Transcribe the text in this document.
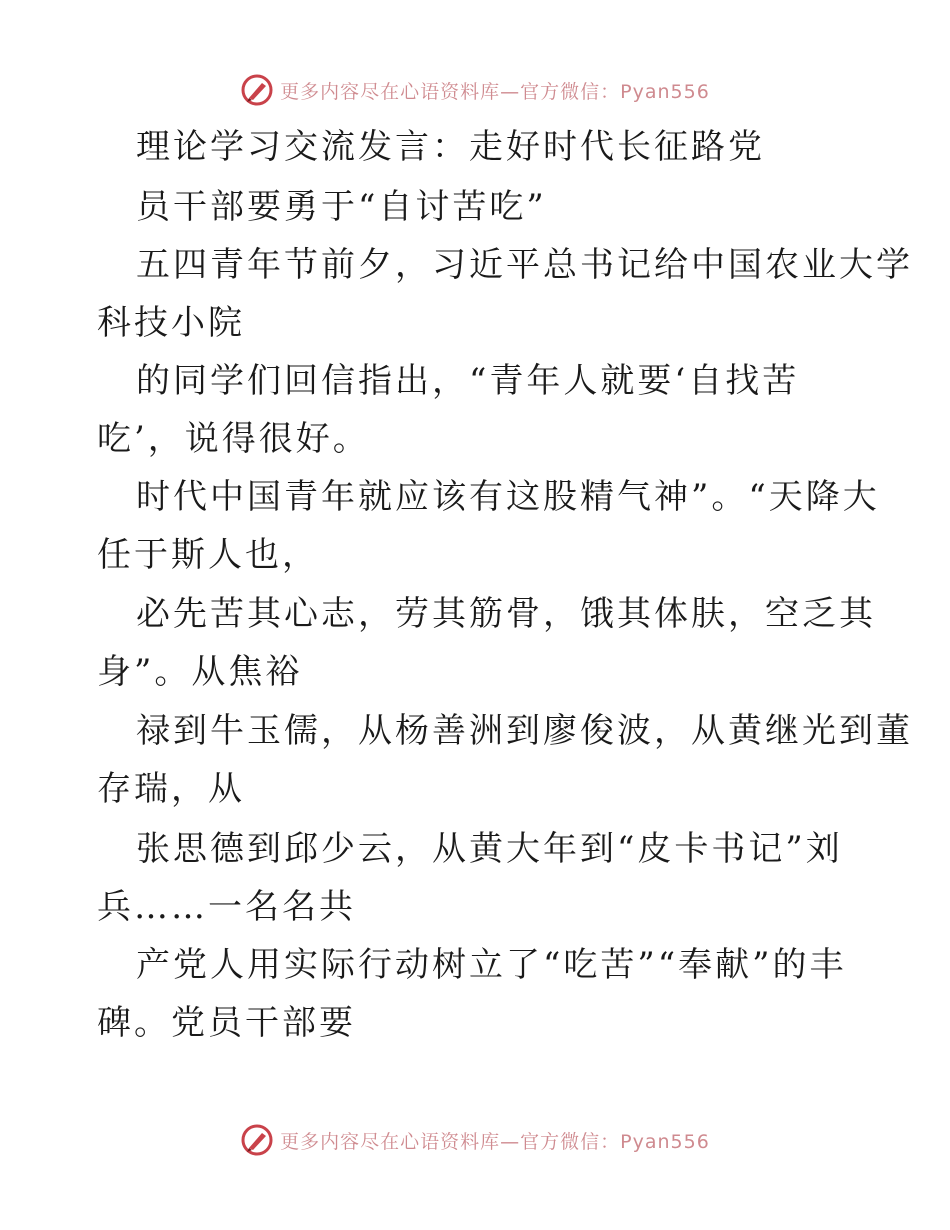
更多内容尽在心语资料库—官方微信：Pyan556
理论学习交流发言：走好时代长征路党
员干部要勇于“自讨苦吃”
五四青年节前夕，习近平总书记给中国农业大学
科技小院
的同学们回信指出，“青年人就要‘自找苦
吃’，说得很好。
时代中国青年就应该有这股精气神”。“天降大
任于斯人也，
必先苦其心志，劳其筋骨，饿其体肤，空乏其
身”。从焦裕
禄到牛玉儒，从杨善洲到廖俊波，从黄继光到董
存瑞，从
张思德到邱少云，从黄大年到“皮卡书记”刘
兵……一名名共
产党人用实际行动树立了“吃苦”“奉献”的丰
碑。党员干部要
更多内容尽在心语资料库—官方微信：Pyan556
